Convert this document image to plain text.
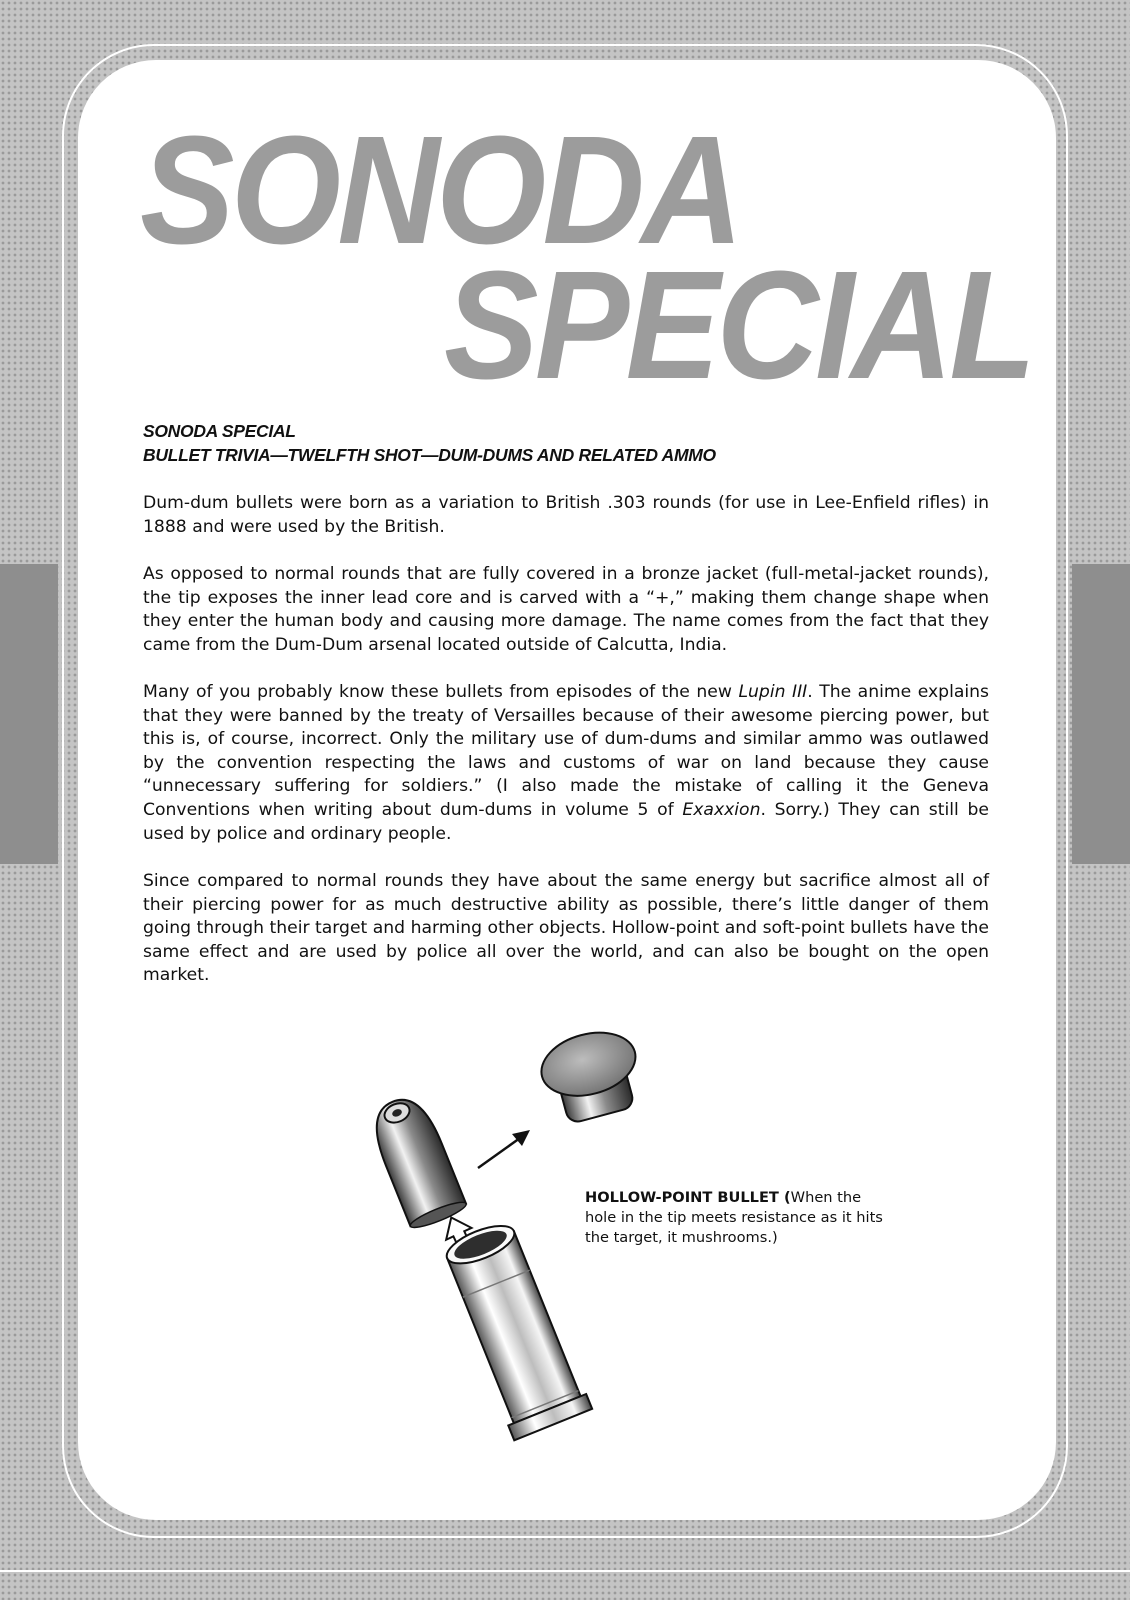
SONODA
SPECIAL
SONODA SPECIAL
BULLET TRIVIA—TWELFTH SHOT—DUM-DUMS AND RELATED AMMO

Dum-dum bullets were born as a variation to British .303 rounds (for use in Lee-Enfield rifles) in 1888 and were used by the British.

As opposed to normal rounds that are fully covered in a bronze jacket (full-metal-jacket rounds), the tip exposes the inner lead core and is carved with a “+,” making them change shape when they enter the human body and causing more damage. The name comes from the fact that they came from the Dum-Dum arsenal located outside of Calcutta, India.

Many of you probably know these bullets from episodes of the new Lupin III. The anime explains that they were banned by the treaty of Versailles because of their awesome piercing power, but this is, of course, incorrect. Only the military use of dum-dums and similar ammo was outlawed by the convention respecting the laws and customs of war on land because they cause “unnecessary suffering for soldiers.” (I also made the mistake of calling it the Geneva Conventions when writing about dum-dums in volume 5 of Exaxxion. Sorry.) They can still be used by police and ordinary people.

Since compared to normal rounds they have about the same energy but sacrifice almost all of their piercing power for as much destructive ability as possible, there’s little danger of them going through their target and harming other objects. Hollow-point and soft-point bullets have the same effect and are used by police all over the world, and can also be bought on the open market.

HOLLOW-POINT BULLET (When the hole in the tip meets resistance as it hits the target, it mushrooms.)
